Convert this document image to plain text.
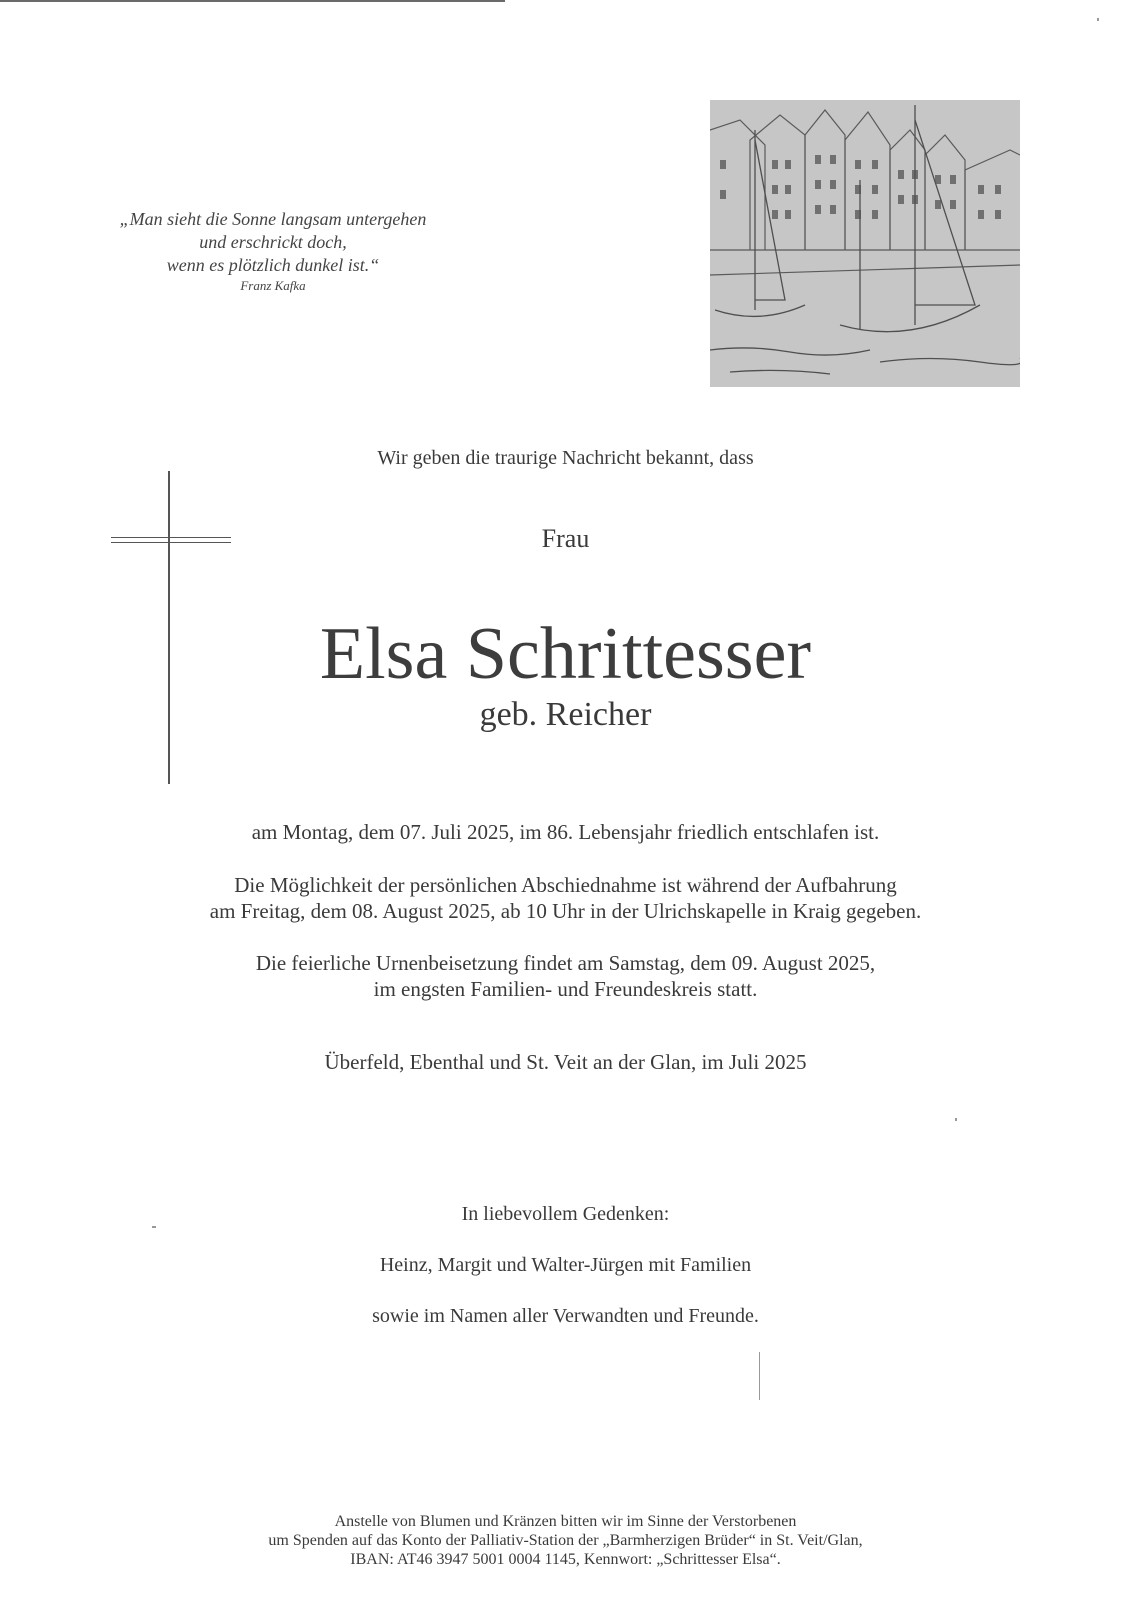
„Man sieht die Sonne langsam untergehen
und erschrickt doch,
wenn es plötzlich dunkel ist.“
Franz Kafka
Wir geben die traurige Nachricht bekannt, dass
Frau
Elsa Schrittesser
geb. Reicher
am Montag, dem 07. Juli 2025, im 86. Lebensjahr friedlich entschlafen ist.
Die Möglichkeit der persönlichen Abschiednahme ist während der Aufbahrung
am Freitag, dem 08. August 2025, ab 10 Uhr in der Ulrichskapelle in Kraig gegeben.
Die feierliche Urnenbeisetzung findet am Samstag, dem 09. August 2025,
im engsten Familien- und Freundeskreis statt.
Überfeld, Ebenthal und St. Veit an der Glan, im Juli 2025
In liebevollem Gedenken:
Heinz, Margit und Walter-Jürgen mit Familien
sowie im Namen aller Verwandten und Freunde.
Anstelle von Blumen und Kränzen bitten wir im Sinne der Verstorbenen
um Spenden auf das Konto der Palliativ-Station der „Barmherzigen Brüder“ in St. Veit/Glan,
IBAN: AT46 3947 5001 0004 1145, Kennwort: „Schrittesser Elsa“.
